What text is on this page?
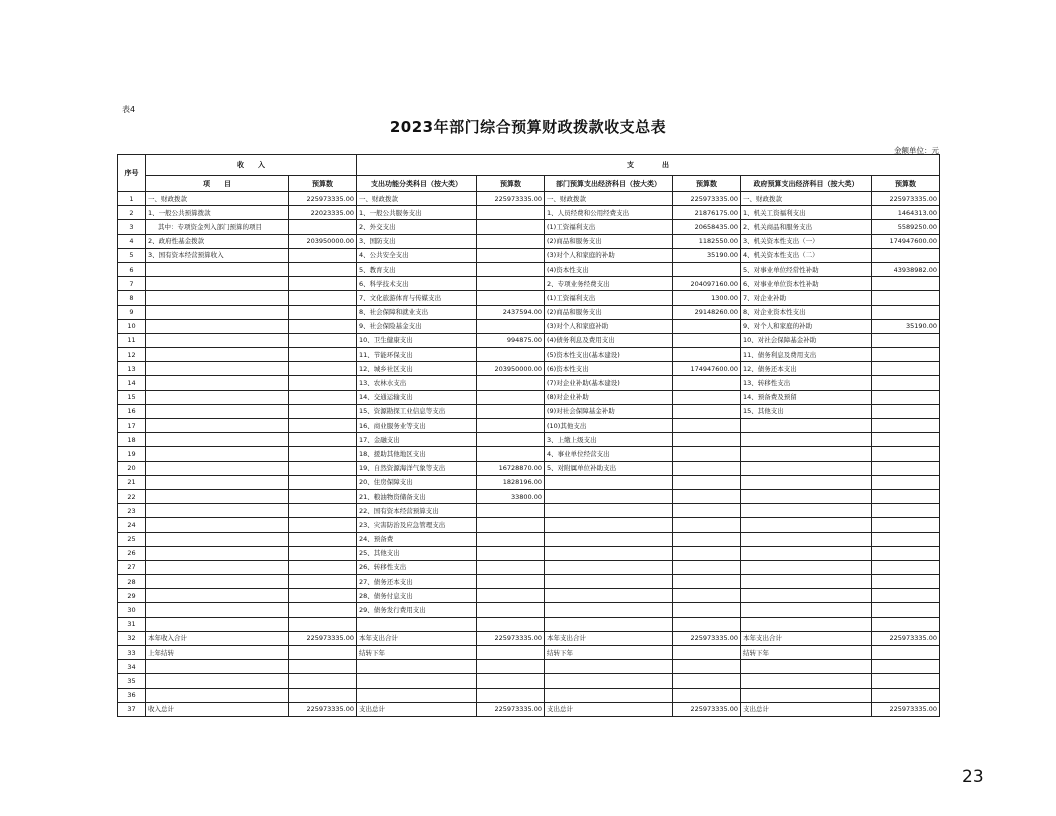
表4
2023年部门综合预算财政拨款收支总表
金额单位：元
序号	收　　入		支　　　　出					
	项　　目	预算数	支出功能分类科目（按大类）	预算数	部门预算支出经济科目（按大类）	预算数	政府预算支出经济科目（按大类）	预算数
1	一、财政拨款	225973335.00	一、财政拨款	225973335.00	一、财政拨款	225973335.00	一、财政拨款	225973335.00
2	1、一般公共预算拨款	22023335.00	1、一般公共服务支出		1、人员经费和公用经费支出	21876175.00	1、机关工资福利支出	1464313.00
3	其中：专项资金列入部门预算的项目		2、外交支出		(1)工资福利支出	20658435.00	2、机关商品和服务支出	5589250.00
4	2、政府性基金拨款	203950000.00	3、国防支出		(2)商品和服务支出	1182550.00	3、机关资本性支出（一）	174947600.00
5	3、国有资本经营预算收入		4、公共安全支出		(3)对个人和家庭的补助	35190.00	4、机关资本性支出（二）	
6			5、教育支出		(4)资本性支出		5、对事业单位经常性补助	43938982.00
7			6、科学技术支出		2、专项业务经费支出	204097160.00	6、对事业单位资本性补助	
8			7、文化旅游体育与传媒支出		(1)工资福利支出	1300.00	7、对企业补助	
9			8、社会保障和就业支出	2437594.00	(2)商品和服务支出	29148260.00	8、对企业资本性支出	
10			9、社会保险基金支出		(3)对个人和家庭补助		9、对个人和家庭的补助	35190.00
11			10、卫生健康支出	994875.00	(4)债务利息及费用支出		10、对社会保障基金补助	
12			11、节能环保支出		(5)资本性支出(基本建设)		11、债务利息及费用支出	
13			12、城乡社区支出	203950000.00	(6)资本性支出	174947600.00	12、债务还本支出	
14			13、农林水支出		(7)对企业补助(基本建设)		13、转移性支出	
15			14、交通运输支出		(8)对企业补助		14、预备费及预留	
16			15、资源勘探工业信息等支出		(9)对社会保障基金补助		15、其他支出	
17			16、商业服务业等支出		(10)其他支出			
18			17、金融支出		3、上缴上级支出			
19			18、援助其他地区支出		4、事业单位经营支出			
20			19、自然资源海洋气象等支出	16728870.00	5、对附属单位补助支出			
21			20、住房保障支出	1828196.00				
22			21、粮油物资储备支出	33800.00				
23			22、国有资本经营预算支出					
24			23、灾害防治及应急管理支出					
25			24、预备费					
26			25、其他支出					
27			26、转移性支出					
28			27、债务还本支出					
29			28、债务付息支出					
30			29、债务发行费用支出					
31								
32	本年收入合计	225973335.00	本年支出合计	225973335.00	本年支出合计	225973335.00	本年支出合计	225973335.00
33	上年结转		结转下年		结转下年		结转下年	
34								
35								
36								
37	收入总计	225973335.00	支出总计	225973335.00	支出总计	225973335.00	支出总计	225973335.00
23
